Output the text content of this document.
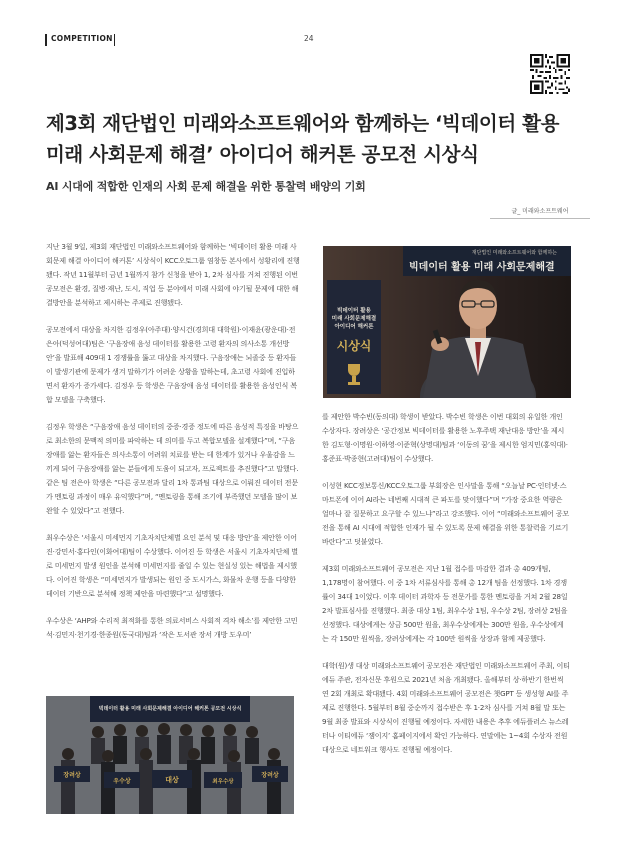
COMPETITION	24
제3회 재단법인 미래와소프트웨어와 함께하는 ‘빅데이터 활용
미래 사회문제 해결’ 아이디어 해커톤 공모전 시상식
AI 시대에 적합한 인재의 사회 문제 해결을 위한 통찰력 배양의 기회
글_ 미래와소프트웨어

지난 3월 9일, 제3회 재단법인 미래와소프트웨어와 함께하는 ‘빅데이터 활용 미래 사회문제 해결 아이디어 해커톤’ 시상식이 KCC오토그룹 염창동 본사에서 성황리에 진행됐다. 작년 11월부터 금년 1월까지 참가 신청을 받아 1, 2차 심사를 거쳐 진행된 이번 공모전은 환경, 질병·재난, 도시, 직업 등 분야에서 미래 사회에 야기될 문제에 대한 해결방안을 분석하고 제시하는 주제로 진행됐다.

공모전에서 대상을 차지한 김정우(아주대)·양시건(경희대 대학원)·이재윤(광운대)·전은아(덕성여대)팀은 ‘구음장애 음성 데이터를 활용한 고령 환자의 의사소통 개선방안’을 발표해 409대 1 경쟁률을 뚫고 대상을 차지했다. 구음장애는 뇌졸중 등 환자들이 발생기관에 문제가 생겨 말하기가 어려운 상황을 말하는데, 초고령 사회에 진입하면서 환자가 증가세다. 김정우 등 학생은 구음장애 음성 데이터를 활용한 음성인식 복합 모델을 구축했다.

김정우 학생은 “구음장애 음성 데이터의 중증·경증 정도에 따른 음성적 특징을 바탕으로 최소한의 문맥적 의미를 파악하는 데 의미를 두고 복합모델을 설계했다”며, “구음장애를 앓는 환자들은 의사소통이 어려워 치료를 받는 데 한계가 있거나 우울감을 느끼게 되어 구음장애를 앓는 분들에게 도움이 되고자, 프로젝트를 추진했다”고 말했다. 같은 팀 전은아 학생은 “다른 공모전과 달리 1차 통과팀 대상으로 이뤄진 데이터 전문가 멘토링 과정이 매우 유익했다”며, “멘토링을 통해 조기에 부족했던 모델을 많이 보완할 수 있었다”고 전했다.

최우수상은 ‘서울시 미세먼지 기초자치단체별 요인 분석 및 대응 방안’을 제안한 이어진·강민서·홍다인(이화여대)팀이 수상했다. 이어진 등 학생은 서울시 기초자치단체 별로 미세먼지 발생 원인을 분석해 미세먼지를 줄일 수 있는 현실성 있는 해법을 제시했다. 이어진 학생은 “미세먼지가 발생되는 원인 중 도시가스, 화물차 운행 등을 다양한 데이터 기반으로 분석해 정책 제안을 마련했다”고 설명했다.

우수상은 ‘AHP와 수리적 최적화를 통한 의료서비스 사회적 격차 해소’를 제안한 고민석·김민지·천기경·한종원(동국대)팀과 ‘작은 도서관 장서 개방 도우미’

를 제안한 박수빈(동의대) 학생이 받았다. 박수빈 학생은 이번 대회의 유일한 개인 수상자다. 장려상은 ‘공간정보 빅데이터를 활용한 노후주택 재난대응 방안’을 제시한 김도형·이명원·이하영·이준혁(상명대)팀과 ‘이동의 꿈’을 제시한 엄지민(홍익대)·홍준표·박종현(고려대)팀이 수상했다.

이성현 KCC정보통신/KCC오토그룹 부회장은 인사말을 통해 “오늘날 PC·인터넷·스마트폰에 이어 AI라는 네번째 시대적 큰 파도를 맞이했다”며 “가장 중요한 역량은 얼마나 잘 질문하고 요구할 수 있느냐”라고 강조했다. 이어 “미래와소프트웨어 공모전을 통해 AI 시대에 적합한 인재가 될 수 있도록 문제 해결을 위한 통찰력을 기르기 바란다”고 덧붙였다.

제3회 미래와소프트웨어 공모전은 지난 1월 접수를 마감한 결과 총 409개팀, 1,178명이 참여했다. 이 중 1차 서류심사를 통해 총 12개 팀을 선정했다. 1차 경쟁률이 34대 1이었다. 이후 데이터 과학자 등 전문가를 통한 멘토링을 거쳐 2월 28일 2차 발표심사를 진행했다. 최종 대상 1팀, 최우수상 1팀, 우수상 2팀, 장려상 2팀을 선정했다. 대상에게는 상금 500만 원을, 최우수상에게는 300만 원을, 우수상에게는 각 150만 원씩을, 장려상에게는 각 100만 원씩을 상장과 함께 제공했다.

대학(원)생 대상 미래와소프트웨어 공모전은 재단법인 미래와소프트웨어 주최, 이티에듀 주관, 전자신문 후원으로 2021년 처음 개최됐다. 올해부터 상·하반기 한번씩 연 2회 개최로 확대됐다. 4회 미래와소프트웨어 공모전은 챗GPT 등 생성형 AI를 주제로 진행한다. 5월부터 8월 중순까지 접수받은 후 1·2차 심사를 거쳐 8월 말 또는 9월 최종 발표와 시상식이 진행될 예정이다. 자세한 내용은 추후 에듀플러스 뉴스레터나 이티에듀 ‘잼이지’ 홈페이지에서 확인 가능하다. 연말에는 1~4회 수상자 전원 대상으로 네트워크 행사도 진행될 예정이다.

재단법인 미래와소프트웨어와 함께하는
빅데이터 활용 미래 사회문제해결
빅데이터 활용
미래 사회문제해결
아이디어 해커톤
시상식
빅데이터 활용 미래 사회문제해결 아이디어 해커톤 공모전 시상식
장려상
우수상	대상	최우수상
장려상
